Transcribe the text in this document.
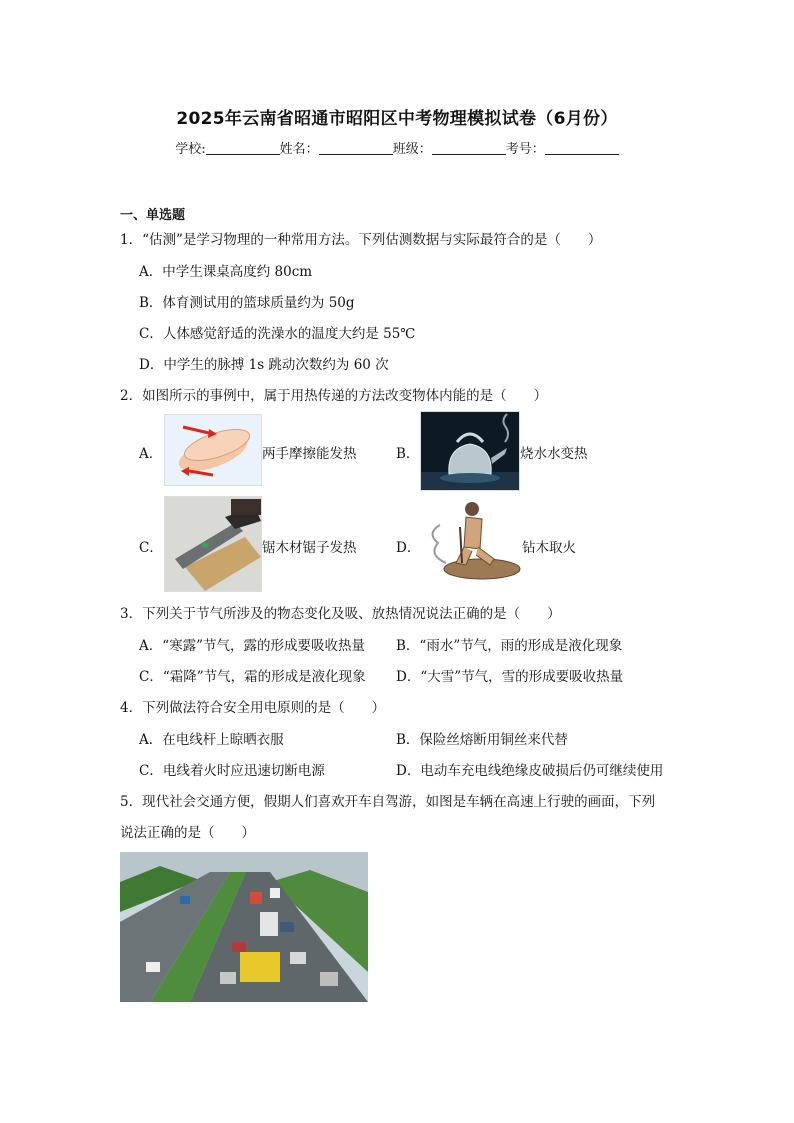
2025年云南省昭通市昭阳区中考物理模拟试卷（6月份）
学校:	姓名：	班级：	考号：
一、单选题
1．“估测”是学习物理的一种常用方法。下列估测数据与实际最符合的是（　　）
A．中学生课桌高度约 80cm
B．体育测试用的篮球质量约为 50g
C．人体感觉舒适的洗澡水的温度大约是 55℃
D．中学生的脉搏 1s 跳动次数约为 60 次
2．如图所示的事例中，属于用热传递的方法改变物体内能的是（　　）
A．	两手摩擦能发热	B．	烧水水变热
C．	锯木材锯子发热	D．	钻木取火
3．下列关于节气所涉及的物态变化及吸、放热情况说法正确的是（　　）
A．“寒露”节气，露的形成要吸收热量 B．“雨水”节气，雨的形成是液化现象
C．“霜降”节气，霜的形成是液化现象 D．“大雪”节气，雪的形成要吸收热量
4．下列做法符合安全用电原则的是（　　）
A．在电线杆上晾晒衣服	B．保险丝熔断用铜丝来代替
C．电线着火时应迅速切断电源	D．电动车充电线绝缘皮破损后仍可继续使用
5．现代社会交通方便，假期人们喜欢开车自驾游，如图是车辆在高速上行驶的画面，下列
说法正确的是（　　）
